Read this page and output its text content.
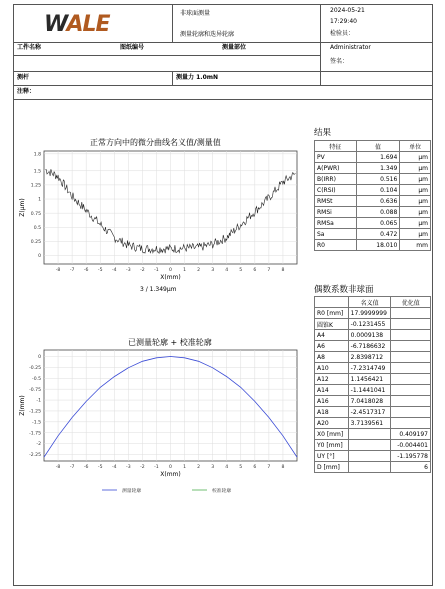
WALE	非球面测量
测量轮廓和迭异轮廓
2024-05-21
17:29:40
检验员：
Administrator
签名：
工件名称	图纸编号	测量部位
测杆	测量力 1.0mN
注释：
正常方向中的微分曲线名义值/测量值
-8 -7 -6 -5 -4 -3 -2 -1 0 1 2 3 4 5 6 7 8
0
0.25
0.5
0.75
1
1.25
1.5
1.8
X(mm)
Z(μm)
3 / 1.349μm
已测量轮廓 + 校准轮廓
-8 -7 -6 -5 -4 -3 -2 -1 0 1 2 3 4 5 6 7 8
0
-0.25
-0.5
-0.75
-1
-1.25
-1.5
-1.75
-2
-2.25
X(mm)
Z(mm)
测量轮廓	校准轮廓
结果
特征	值	单位
PV	1.694	μm
A(PWR)	1.349	μm
B(IRR)	0.516	μm
C(RSI)	0.104	μm
RMSt	0.636	μm
RMSi	0.088	μm
RMSa	0.065	μm
Sa	0.472	μm
R0	18.010	mm
偶数系数非球面
	名义值	优化值
R0 [mm]	17.9999999	
圆锥K	-0.1231455	
A4	0.0009138	
A6	-6.7186632	
A8	2.8398712	
A10	-7.2314749	
A12	1.1456421	
A14	-1.1441041	
A16	7.0418028	
A18	-2.4517317	
A20	3.7139561	
X0 [mm]		0.409197
Y0 [mm]		-0.004401
UY [°]		-1.195778
D [mm]		6
